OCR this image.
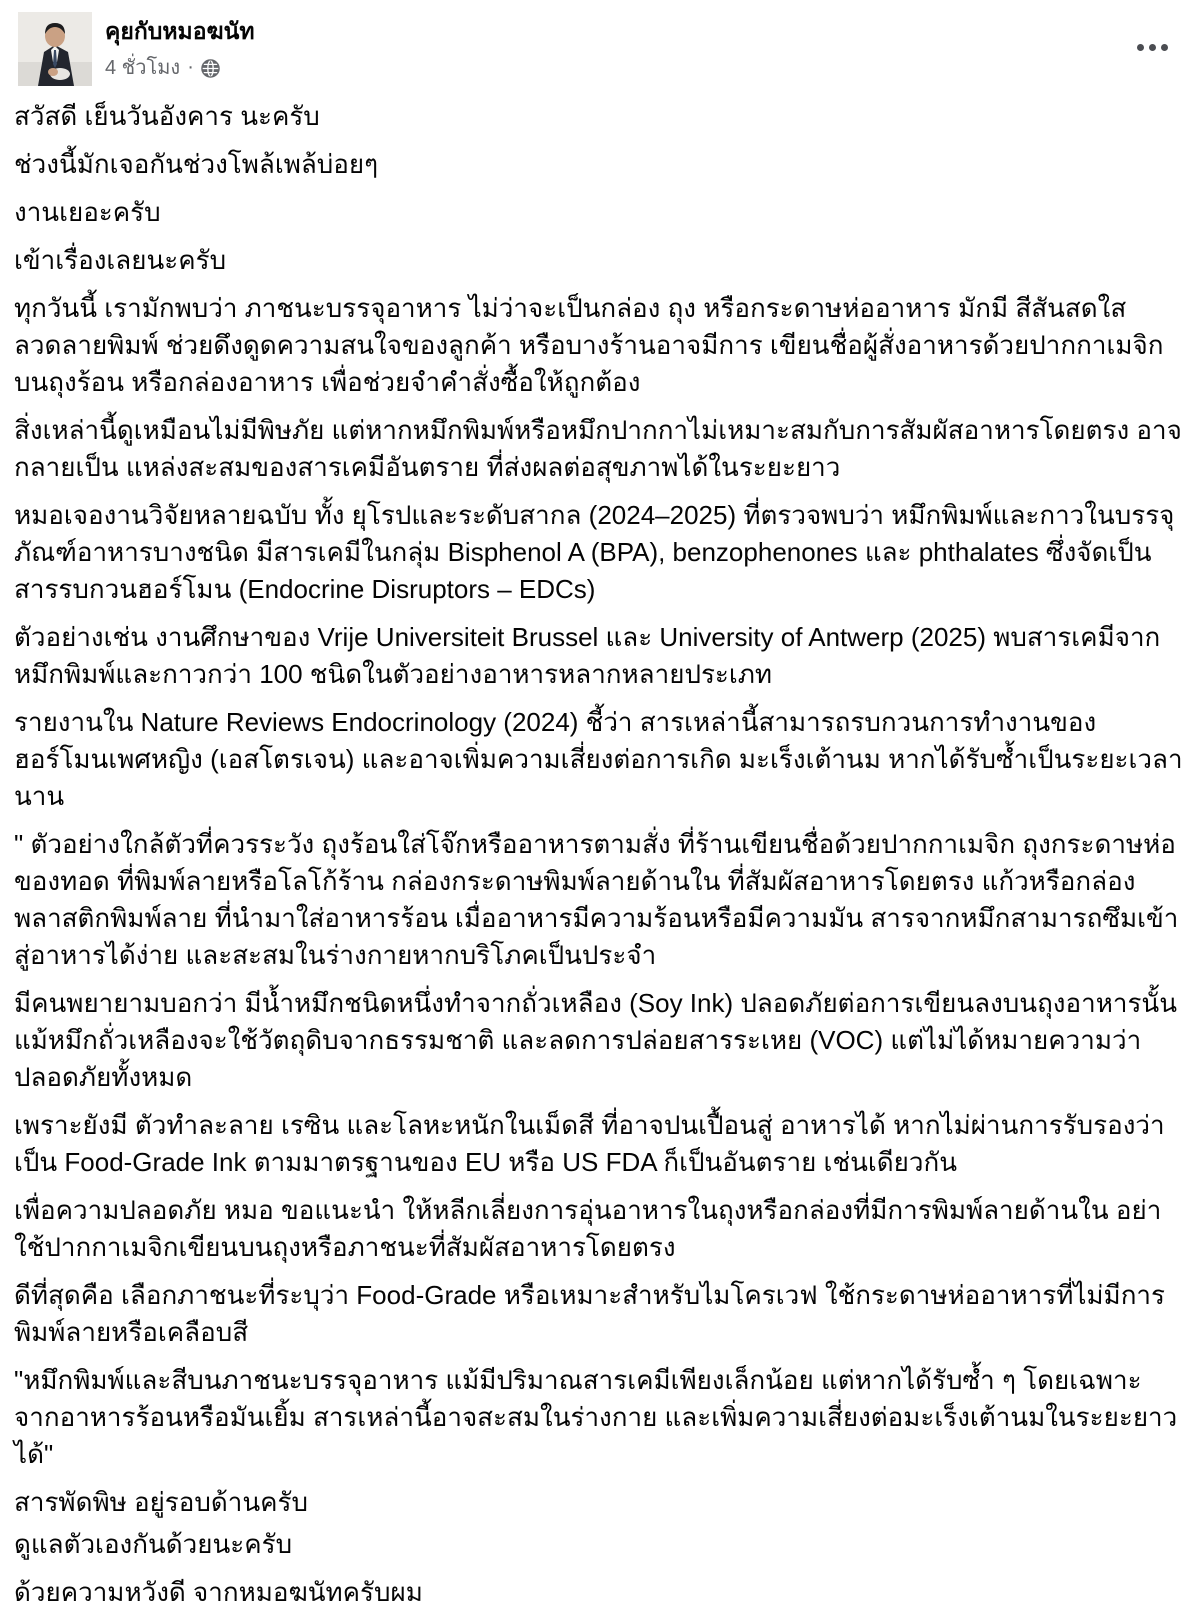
คุยกับหมอฆนัท
4 ชั่วโมง ·

สวัสดี เย็นวันอังคาร นะครับ

ช่วงนี้มักเจอกันช่วงโพล้เพล้บ่อยๆ

งานเยอะครับ

เข้าเรื่องเลยนะครับ

ทุกวันนี้ เรามักพบว่า ภาชนะบรรจุอาหาร ไม่ว่าจะเป็นกล่อง ถุง หรือกระดาษห่ออาหาร มักมี สีสันสดใส ลวดลายพิมพ์ ช่วยดึงดูดความสนใจของลูกค้า หรือบางร้านอาจมีการ เขียนชื่อผู้สั่งอาหารด้วยปากกาเมจิกบนถุงร้อน หรือกล่องอาหาร เพื่อช่วยจำคำสั่งซื้อให้ถูกต้อง

สิ่งเหล่านี้ดูเหมือนไม่มีพิษภัย แต่หากหมึกพิมพ์หรือหมึกปากกาไม่เหมาะสมกับการสัมผัสอาหารโดยตรง อาจกลายเป็น แหล่งสะสมของสารเคมีอันตราย ที่ส่งผลต่อสุขภาพได้ในระยะยาว

หมอเจองานวิจัยหลายฉบับ ทั้ง ยุโรปและระดับสากล (2024–2025) ที่ตรวจพบว่า หมึกพิมพ์และกาวในบรรจุภัณฑ์อาหารบางชนิด มีสารเคมีในกลุ่ม Bisphenol A (BPA), benzophenones และ phthalates ซึ่งจัดเป็น สารรบกวนฮอร์โมน (Endocrine Disruptors – EDCs)

ตัวอย่างเช่น งานศึกษาของ Vrije Universiteit Brussel และ University of Antwerp (2025) พบสารเคมีจากหมึกพิมพ์และกาวกว่า 100 ชนิดในตัวอย่างอาหารหลากหลายประเภท

รายงานใน Nature Reviews Endocrinology (2024) ชี้ว่า สารเหล่านี้สามารถรบกวนการทำงานของ ฮอร์โมนเพศหญิง (เอสโตรเจน) และอาจเพิ่มความเสี่ยงต่อการเกิด มะเร็งเต้านม หากได้รับซ้ำเป็นระยะเวลานาน

" ตัวอย่างใกล้ตัวที่ควรระวัง ถุงร้อนใส่โจ๊กหรืออาหารตามสั่ง ที่ร้านเขียนชื่อด้วยปากกาเมจิก ถุงกระดาษห่อของทอด ที่พิมพ์ลายหรือโลโก้ร้าน กล่องกระดาษพิมพ์ลายด้านใน ที่สัมผัสอาหารโดยตรง แก้วหรือกล่องพลาสติกพิมพ์ลาย ที่นำมาใส่อาหารร้อน เมื่ออาหารมีความร้อนหรือมีความมัน สารจากหมึกสามารถซึมเข้าสู่อาหารได้ง่าย และสะสมในร่างกายหากบริโภคเป็นประจำ

มีคนพยายามบอกว่า มีน้ำหมึกชนิดหนึ่งทำจากถั่วเหลือง (Soy Ink) ปลอดภัยต่อการเขียนลงบนถุงอาหารนั้น แม้หมึกถั่วเหลืองจะใช้วัตถุดิบจากธรรมชาติ และลดการปล่อยสารระเหย (VOC) แต่ไม่ได้หมายความว่าปลอดภัยทั้งหมด

เพราะยังมี ตัวทำละลาย เรซิน และโลหะหนักในเม็ดสี ที่อาจปนเปื้อนสู่ อาหารได้ หากไม่ผ่านการรับรองว่าเป็น Food-Grade Ink ตามมาตรฐานของ EU หรือ US FDA ก็เป็นอันตราย เช่นเดียวกัน

เพื่อความปลอดภัย หมอ ขอแนะนำ ให้หลีกเลี่ยงการอุ่นอาหารในถุงหรือกล่องที่มีการพิมพ์ลายด้านใน อย่าใช้ปากกาเมจิกเขียนบนถุงหรือภาชนะที่สัมผัสอาหารโดยตรง

ดีที่สุดคือ เลือกภาชนะที่ระบุว่า Food-Grade หรือเหมาะสำหรับไมโครเวฟ ใช้กระดาษห่ออาหารที่ไม่มีการพิมพ์ลายหรือเคลือบสี

"หมึกพิมพ์และสีบนภาชนะบรรจุอาหาร แม้มีปริมาณสารเคมีเพียงเล็กน้อย แต่หากได้รับซ้ำ ๆ โดยเฉพาะจากอาหารร้อนหรือมันเยิ้ม สารเหล่านี้อาจสะสมในร่างกาย และเพิ่มความเสี่ยงต่อมะเร็งเต้านมในระยะยาวได้"

สารพัดพิษ อยู่รอบด้านครับ

ดูแลตัวเองกันด้วยนะครับ

ด้วยความหวังดี จากหมอฆนัทครับผม
